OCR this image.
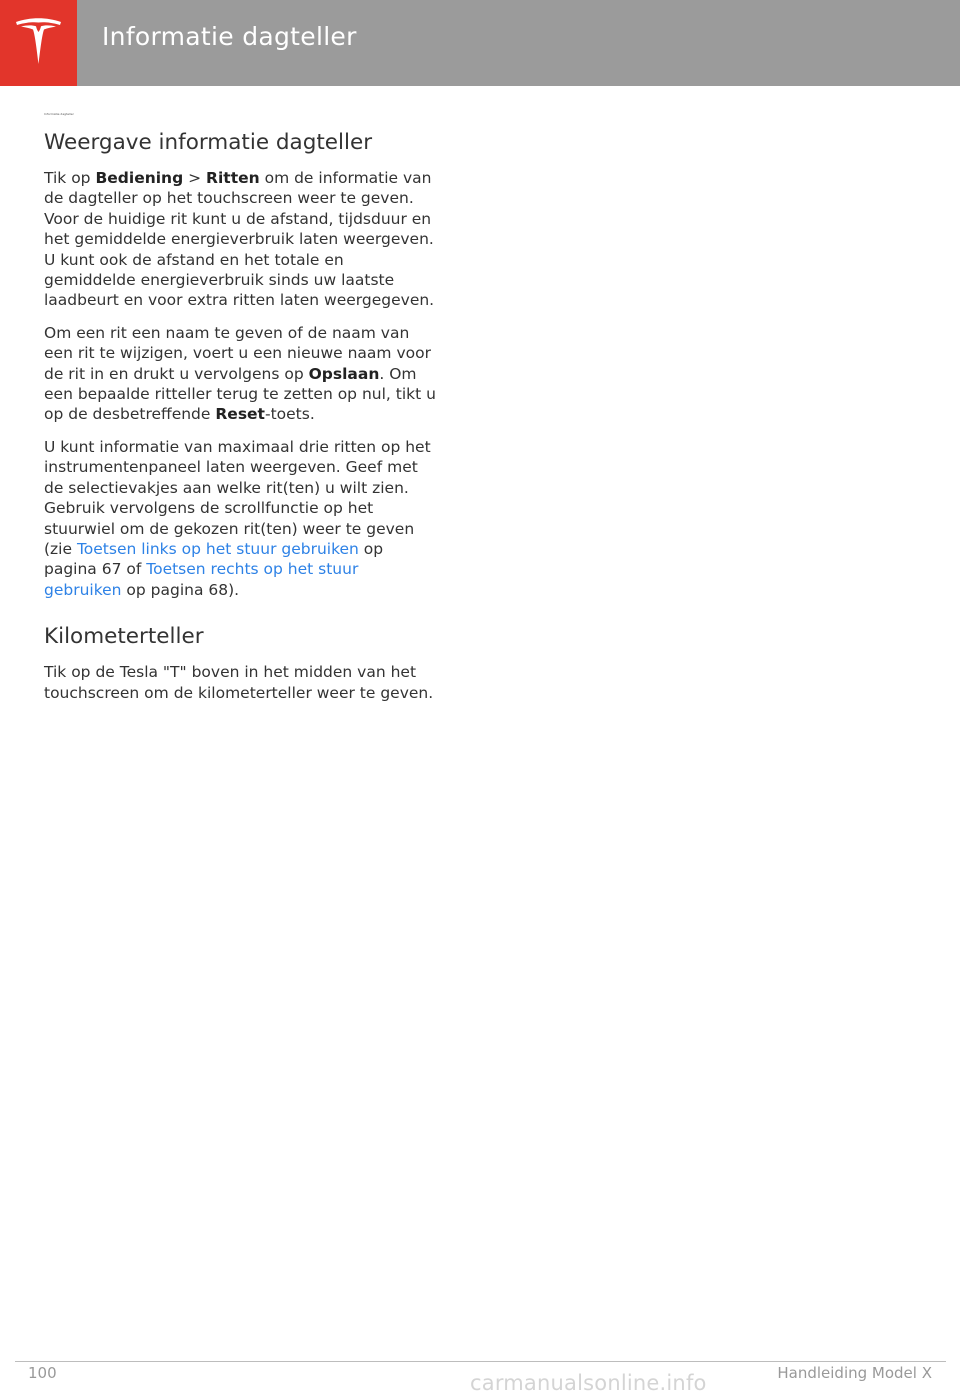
Informatie dagteller
Informatie dagteller
Weergave informatie dagteller

Tik op Bediening > Ritten om de informatie van de dagteller op het touchscreen weer te geven. Voor de huidige rit kunt u de afstand, tijdsduur en het gemiddelde energieverbruik laten weergeven. U kunt ook de afstand en het totale en gemiddelde energieverbruik sinds uw laatste laadbeurt en voor extra ritten laten weergegeven.

Om een rit een naam te geven of de naam van een rit te wijzigen, voert u een nieuwe naam voor de rit in en drukt u vervolgens op Opslaan. Om een bepaalde ritteller terug te zetten op nul, tikt u op de desbetreffende Reset-toets.

U kunt informatie van maximaal drie ritten op het instrumentenpaneel laten weergeven. Geef met de selectievakjes aan welke rit(ten) u wilt zien. Gebruik vervolgens de scrollfunctie op het stuurwiel om de gekozen rit(ten) weer te geven (zie Toetsen links op het stuur gebruiken op pagina 67 of Toetsen rechts op het stuur gebruiken op pagina 68).

Kilometerteller

Tik op de Tesla "T" boven in het midden van het touchscreen om de kilometerteller weer te geven.

100	Handleiding Model X
carmanualsonline.info
